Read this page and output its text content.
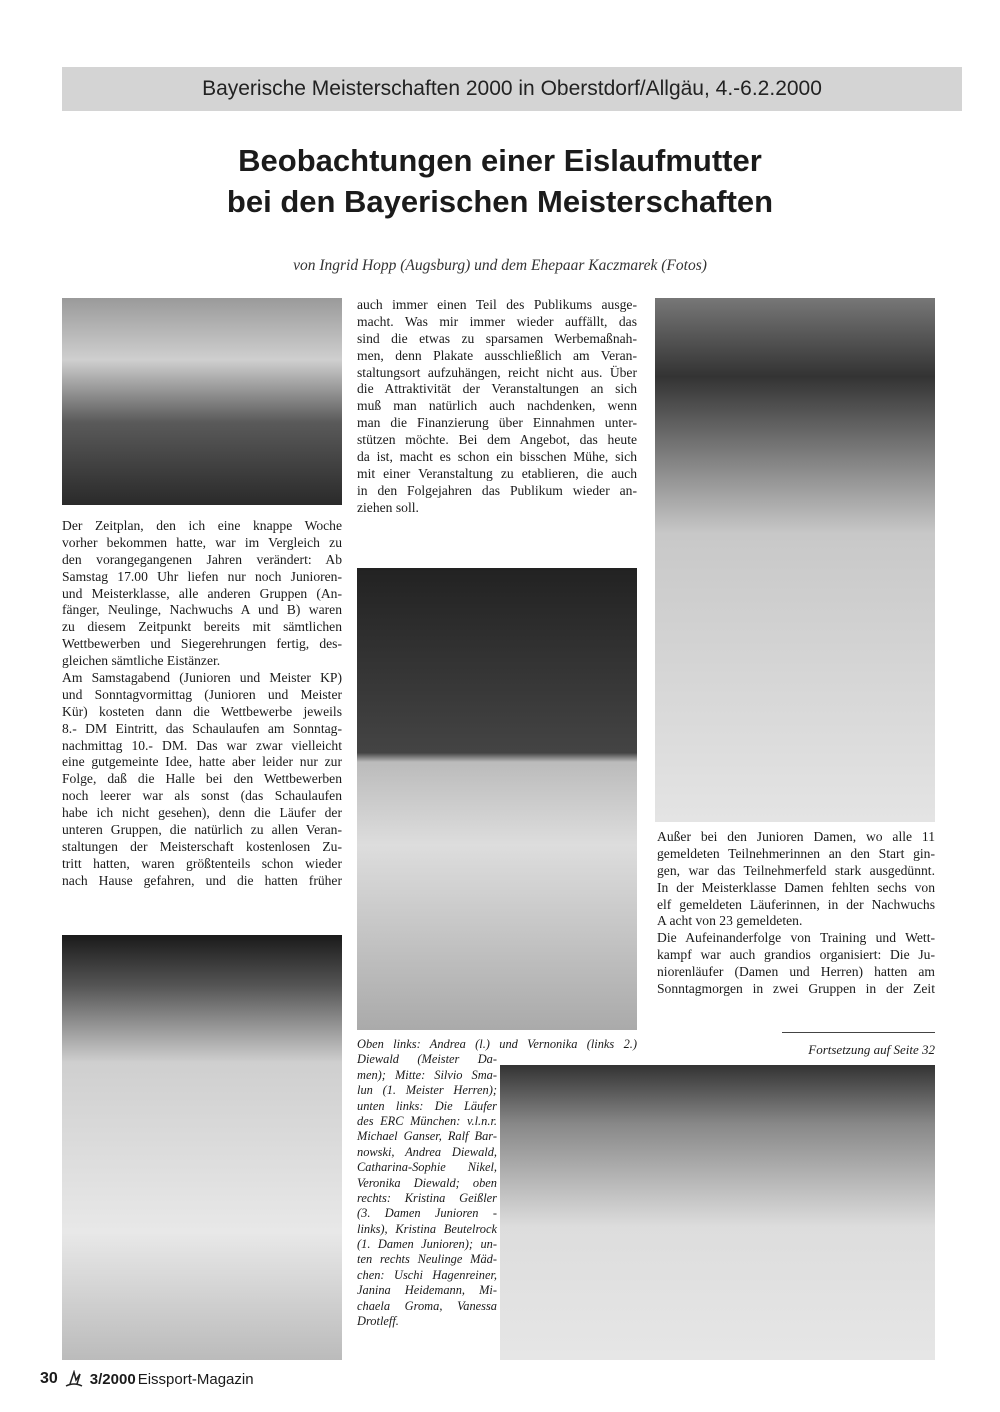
Bayerische Meisterschaften 2000 in Oberstdorf/Allgäu, 4.-6.2.2000
Beobachtungen einer Eislaufmutter
bei den Bayerischen Meisterschaften
von Ingrid Hopp (Augsburg) und dem Ehepaar Kaczmarek (Fotos)
Der Zeitplan, den ich eine knappe Woche
vorher bekommen hatte, war im Vergleich zu
den vorangegangenen Jahren verändert: Ab
Samstag 17.00 Uhr liefen nur noch Junioren-
und Meisterklasse, alle anderen Gruppen (An-
fänger, Neulinge, Nachwuchs A und B) waren
zu diesem Zeitpunkt bereits mit sämtlichen
Wettbewerben und Siegerehrungen fertig, des-
gleichen sämtliche Eistänzer.
Am Samstagabend (Junioren und Meister KP)
und Sonntagvormittag (Junioren und Meister
Kür) kosteten dann die Wettbewerbe jeweils
8.- DM Eintritt, das Schaulaufen am Sonntag-
nachmittag 10.- DM. Das war zwar vielleicht
eine gutgemeinte Idee, hatte aber leider nur zur
Folge, daß die Halle bei den Wettbewerben
noch leerer war als sonst (das Schaulaufen
habe ich nicht gesehen), denn die Läufer der
unteren Gruppen, die natürlich zu allen Veran-
staltungen der Meisterschaft kostenlosen Zu-
tritt hatten, waren größtenteils schon wieder
nach Hause gefahren, und die hatten früher
auch immer einen Teil des Publikums ausge-
macht. Was mir immer wieder auffällt, das
sind die etwas zu sparsamen Werbemaßnah-
men, denn Plakate ausschließlich am Veran-
staltungsort aufzuhängen, reicht nicht aus. Über
die Attraktivität der Veranstaltungen an sich
muß man natürlich auch nachdenken, wenn
man die Finanzierung über Einnahmen unter-
stützen möchte. Bei dem Angebot, das heute
da ist, macht es schon ein bisschen Mühe, sich
mit einer Veranstaltung zu etablieren, die auch
in den Folgejahren das Publikum wieder an-
ziehen soll.
Außer bei den Junioren Damen, wo alle 11
gemeldeten Teilnehmerinnen an den Start gin-
gen, war das Teilnehmerfeld stark ausgedünnt.
In der Meisterklasse Damen fehlten sechs von
elf gemeldeten Läuferinnen, in der Nachwuchs
A acht von 23 gemeldeten.
Die Aufeinanderfolge von Training und Wett-
kampf war auch grandios organisiert: Die Ju-
niorenläufer (Damen und Herren) hatten am
Sonntagmorgen in zwei Gruppen in der Zeit
Oben links: Andrea (l.) und Vernonika (links 2.)
Diewald (Meister Da-
men); Mitte: Silvio Sma-
lun (1. Meister Herren);
unten links: Die Läufer
des ERC München: v.l.n.r.
Michael Ganser, Ralf Bar-
nowski, Andrea Diewald,
Catharina-Sophie Nikel,
Veronika Diewald; oben
rechts: Kristina Geißler
(3. Damen Junioren -
links), Kristina Beutelrock
(1. Damen Junioren); un-
ten rechts Neulinge Mäd-
chen: Uschi Hagenreiner,
Janina Heidemann, Mi-
chaela Groma, Vanessa
Drotleff.
Fortsetzung auf Seite 32
30 3/2000 Eissport-Magazin
